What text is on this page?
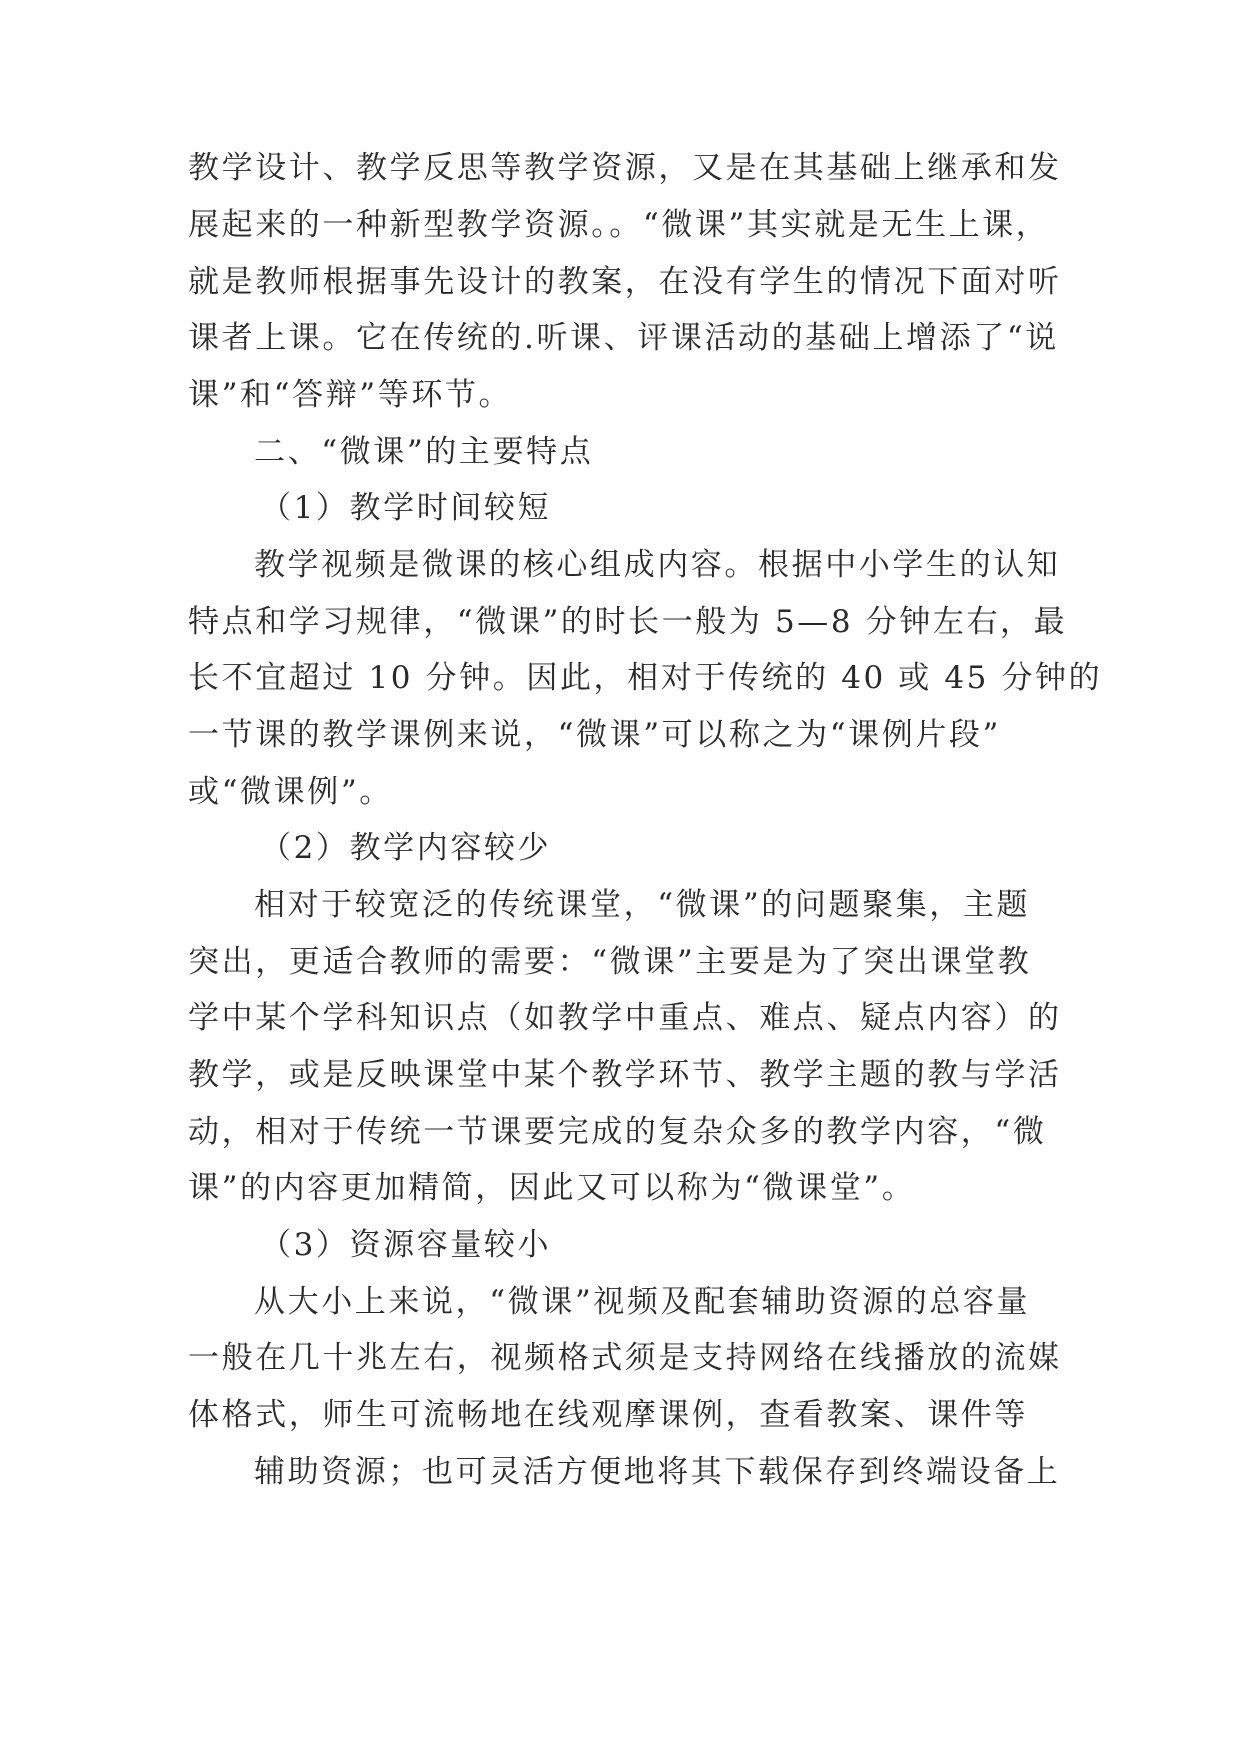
教学设计、教学反思等教学资源，又是在其基础上继承和发
展起来的一种新型教学资源。。“微课”其实就是无生上课，
就是教师根据事先设计的教案，在没有学生的情况下面对听
课者上课。它在传统的.听课、评课活动的基础上增添了“说
课”和“答辩”等环节。
二、“微课”的主要特点
（1）教学时间较短
教学视频是微课的核心组成内容。根据中小学生的认知
特点和学习规律，“微课”的时长一般为 5—8 分钟左右，最
长不宜超过 10 分钟。因此，相对于传统的 40 或 45 分钟的
一节课的教学课例来说，“微课”可以称之为“课例片段”
或“微课例”。
（2）教学内容较少
相对于较宽泛的传统课堂，“微课”的问题聚集，主题
突出，更适合教师的需要：“微课”主要是为了突出课堂教
学中某个学科知识点（如教学中重点、难点、疑点内容）的
教学，或是反映课堂中某个教学环节、教学主题的教与学活
动，相对于传统一节课要完成的复杂众多的教学内容，“微
课”的内容更加精简，因此又可以称为“微课堂”。
（3）资源容量较小
从大小上来说，“微课”视频及配套辅助资源的总容量
一般在几十兆左右，视频格式须是支持网络在线播放的流媒
体格式，师生可流畅地在线观摩课例，查看教案、课件等
辅助资源；也可灵活方便地将其下载保存到终端设备上
